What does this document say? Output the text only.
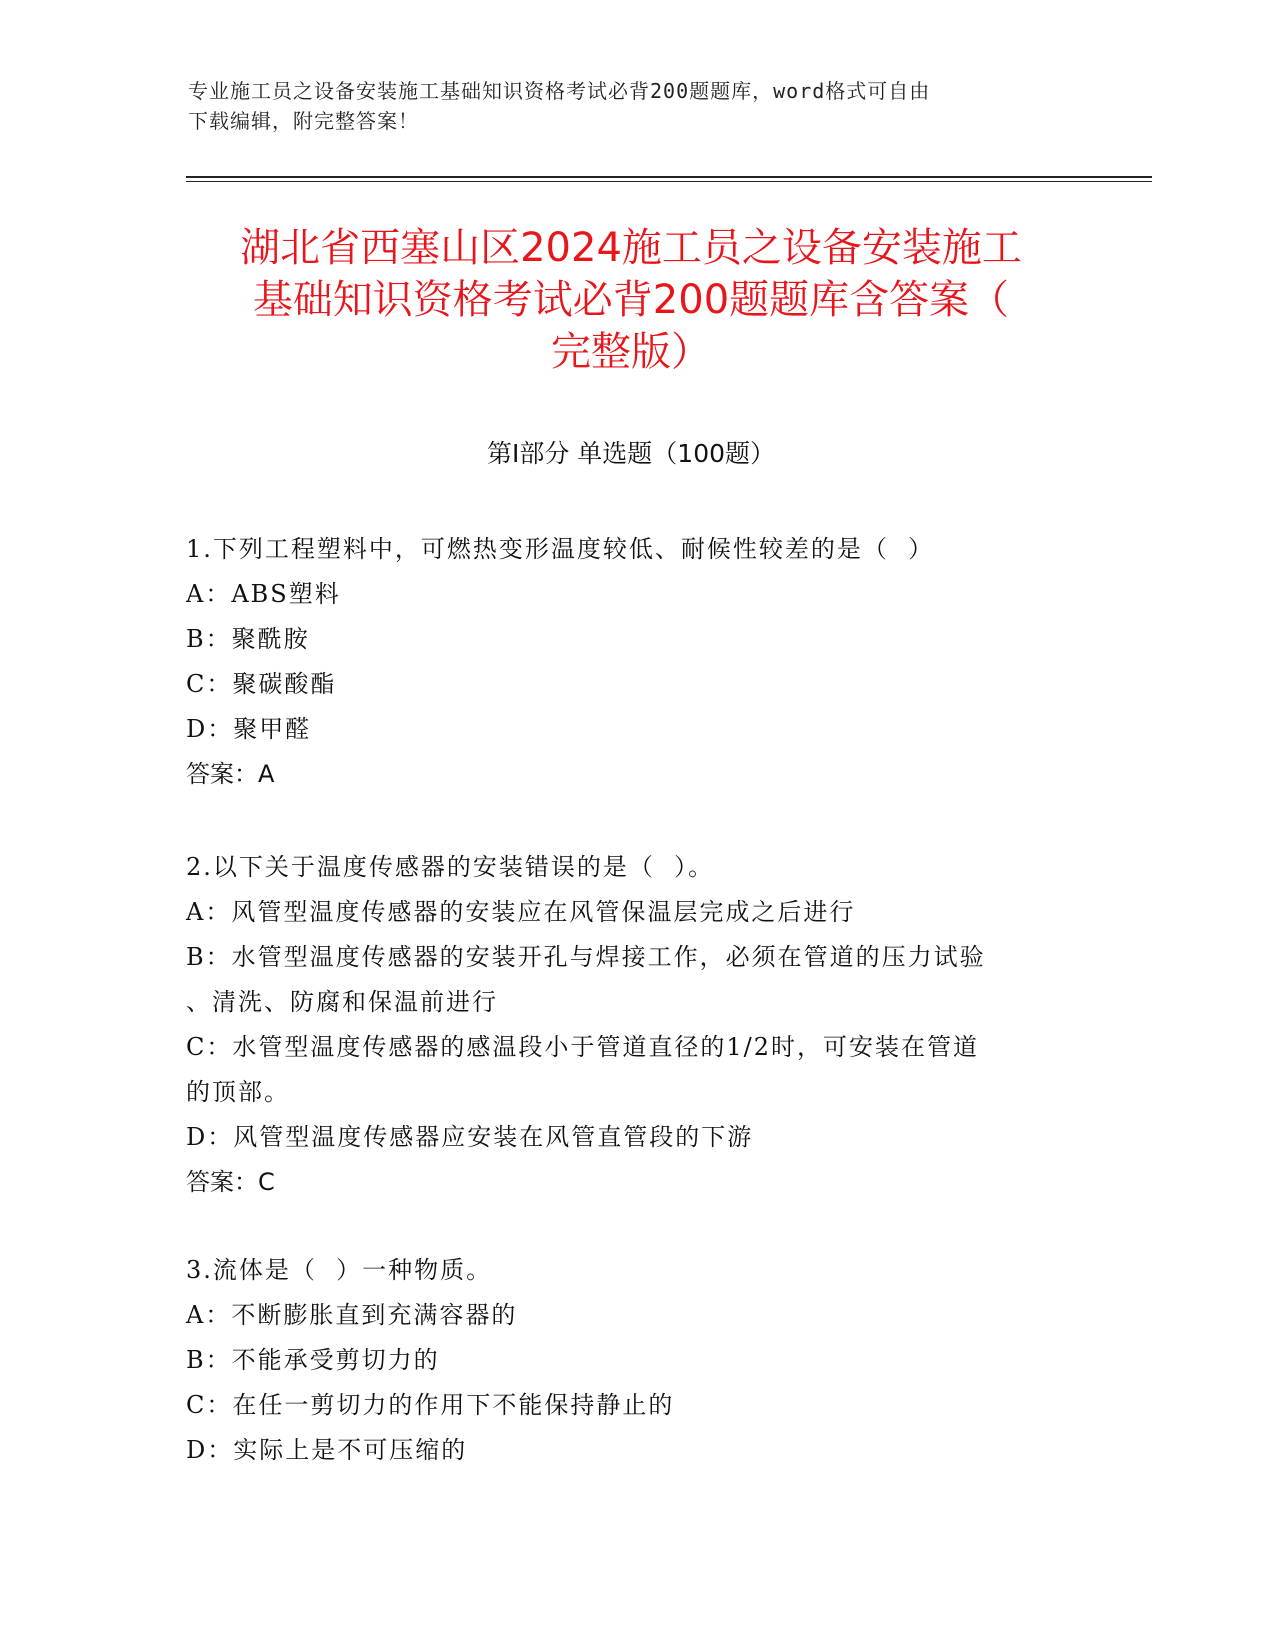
专业施工员之设备安装施工基础知识资格考试必背200题题库，word格式可自由
下载编辑，附完整答案！
湖北省西塞山区2024施工员之设备安装施工
基础知识资格考试必背200题题库含答案（
完整版）
第Ⅰ部分 单选题（100题）
1.下列工程塑料中，可燃热变形温度较低、耐候性较差的是（  ）
A：ABS塑料
B：聚酰胺
C：聚碳酸酯
D：聚甲醛
答案：A
2.以下关于温度传感器的安装错误的是（  ）。
A：风管型温度传感器的安装应在风管保温层完成之后进行
B：水管型温度传感器的安装开孔与焊接工作，必须在管道的压力试验
、清洗、防腐和保温前进行
C：水管型温度传感器的感温段小于管道直径的1/2时，可安装在管道
的顶部。
D：风管型温度传感器应安装在风管直管段的下游
答案：C
3.流体是（  ）一种物质。
A：不断膨胀直到充满容器的
B：不能承受剪切力的
C：在任一剪切力的作用下不能保持静止的
D：实际上是不可压缩的
